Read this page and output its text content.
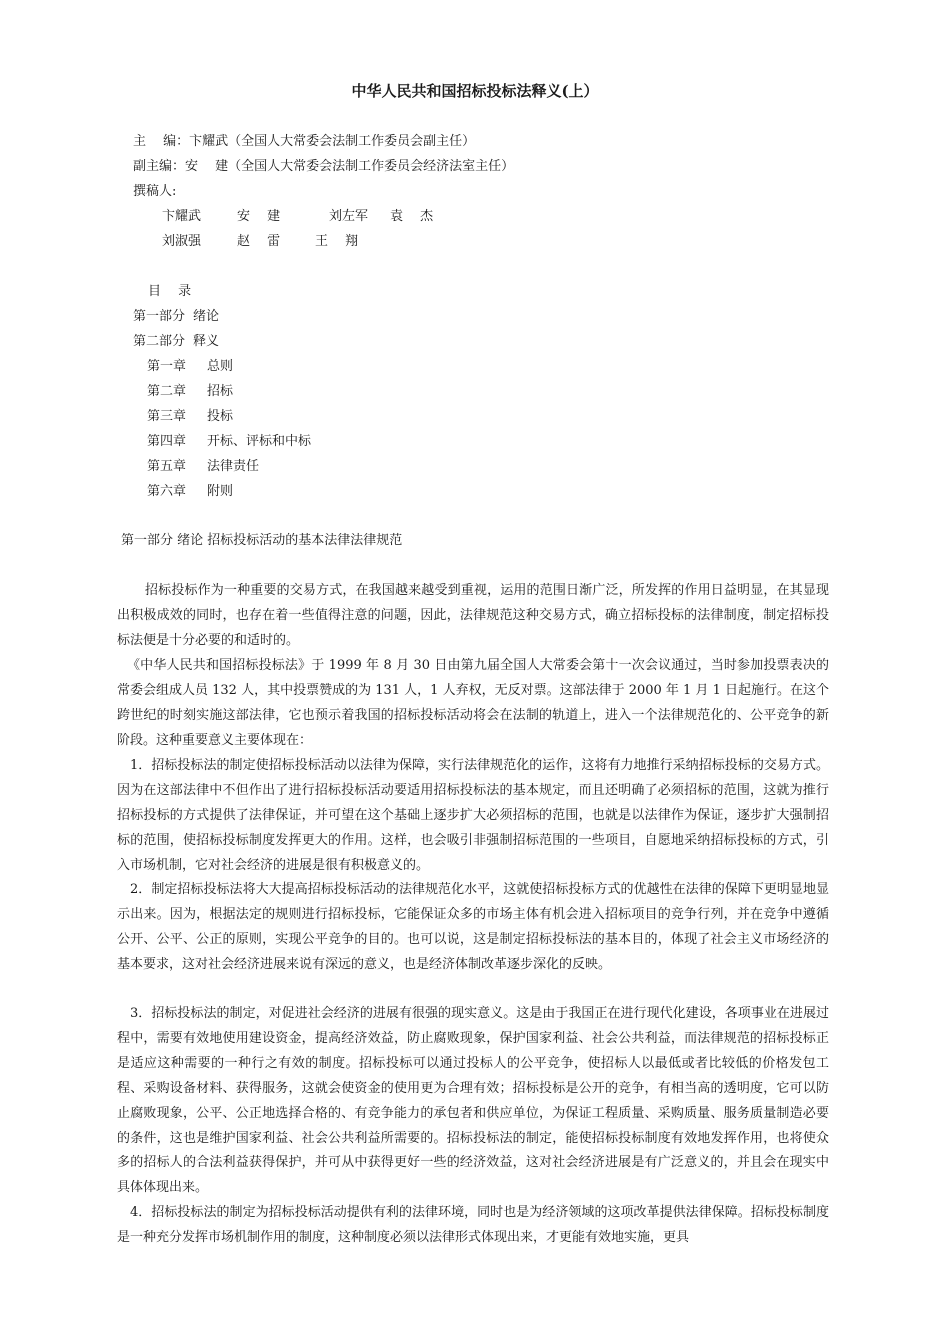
中华人民共和国招标投标法释义(上）
主　 编：卞耀武（全国人大常委会法制工作委员会副主任）
副主编：安　 建（全国人大常委会法制工作委员会经济法室主任）
撰稿人:
卞耀武	安　 建	刘左军 袁　 杰
刘淑强	赵　 雷	王　 翔
目　 录
第一部分 绪论
第二部分 释义
第一章 总则
第二章 招标
第三章 投标
第四章 开标、评标和中标
第五章 法律责任
第六章 附则
第一部分 绪论 招标投标活动的基本法律法律规范

招标投标作为一种重要的交易方式，在我国越来越受到重视，运用的范围日渐广泛，所发挥的作用日益明显，在其显现出积极成效的同时，也存在着一些值得注意的问题，因此，法律规范这种交易方式，确立招标投标的法律制度，制定招标投标法便是十分必要的和适时的。

《中华人民共和国招标投标法》于 1999 年 8 月 30 日由第九届全国人大常委会第十一次会议通过，当时参加投票表决的常委会组成人员 132 人，其中投票赞成的为 131 人，1 人弃权，无反对票。这部法律于 2000 年 1 月 1 日起施行。在这个跨世纪的时刻实施这部法律，它也预示着我国的招标投标活动将会在法制的轨道上，进入一个法律规范化的、公平竞争的新阶段。这种重要意义主要体现在：

1．招标投标法的制定使招标投标活动以法律为保障，实行法律规范化的运作，这将有力地推行采纳招标投标的交易方式。因为在这部法律中不但作出了进行招标投标活动要适用招标投标法的基本规定，而且还明确了必须招标的范围，这就为推行招标投标的方式提供了法律保证，并可望在这个基础上逐步扩大必须招标的范围，也就是以法律作为保证，逐步扩大强制招标的范围，使招标投标制度发挥更大的作用。这样，也会吸引非强制招标范围的一些项目，自愿地采纳招标投标的方式，引入市场机制，它对社会经济的进展是很有积极意义的。

2．制定招标投标法将大大提高招标投标活动的法律规范化水平，这就使招标投标方式的优越性在法律的保障下更明显地显示出来。因为，根据法定的规则进行招标投标，它能保证众多的市场主体有机会进入招标项目的竞争行列，并在竞争中遵循公开、公平、公正的原则，实现公平竞争的目的。也可以说，这是制定招标投标法的基本目的，体现了社会主义市场经济的基本要求，这对社会经济进展来说有深远的意义，也是经济体制改革逐步深化的反映。

3．招标投标法的制定，对促进社会经济的进展有很强的现实意义。这是由于我国正在进行现代化建设，各项事业在进展过程中，需要有效地使用建设资金，提高经济效益，防止腐败现象，保护国家利益、社会公共利益，而法律规范的招标投标正是适应这种需要的一种行之有效的制度。招标投标可以通过投标人的公平竞争，使招标人以最低或者比较低的价格发包工程、采购设备材料、获得服务，这就会使资金的使用更为合理有效；招标投标是公开的竞争，有相当高的透明度，它可以防止腐败现象，公平、公正地选择合格的、有竞争能力的承包者和供应单位，为保证工程质量、采购质量、服务质量制造必要的条件，这也是维护国家利益、社会公共利益所需要的。招标投标法的制定，能使招标投标制度有效地发挥作用，也将使众多的招标人的合法利益获得保护，并可从中获得更好一些的经济效益，这对社会经济进展是有广泛意义的，并且会在现实中具体体现出来。

4．招标投标法的制定为招标投标活动提供有利的法律环境，同时也是为经济领域的这项改革提供法律保障。招标投标制度是一种充分发挥市场机制作用的制度，这种制度必须以法律形式体现出来，才更能有效地实施，更具
